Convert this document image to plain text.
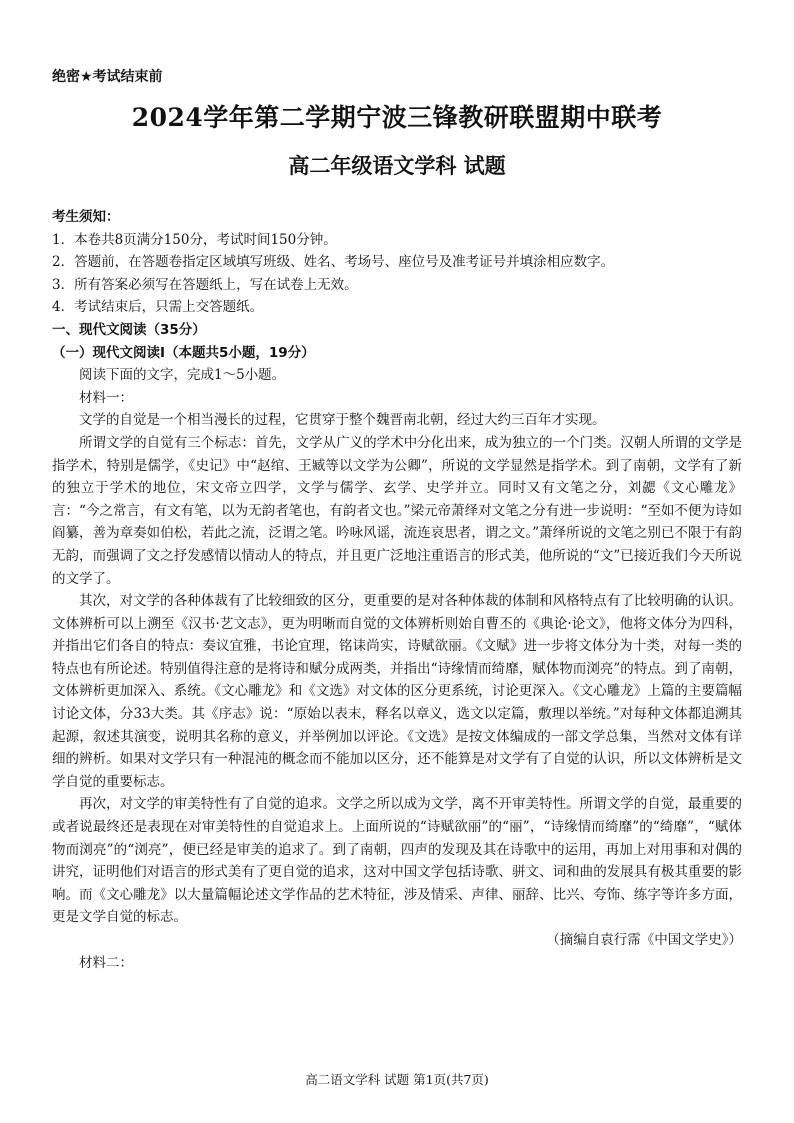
绝密★考试结束前
2024学年第二学期宁波三锋教研联盟期中联考
高二年级语文学科 试题

考生须知：

1．本卷共8页满分150分，考试时间150分钟。

2．答题前，在答题卷指定区域填写班级、姓名、考场号、座位号及准考证号并填涂相应数字。

3．所有答案必须写在答题纸上，写在试卷上无效。

4．考试结束后，只需上交答题纸。

一、现代文阅读（35分）

（一）现代文阅读Ⅰ（本题共5小题，19分）

阅读下面的文字，完成1～5小题。

材料一：

文学的自觉是一个相当漫长的过程，它贯穿于整个魏晋南北朝，经过大约三百年才实现。

所谓文学的自觉有三个标志：首先，文学从广义的学术中分化出来，成为独立的一个门类。汉朝人所谓的文学是指学术，特别是儒学，《史记》中“赵绾、王臧等以文学为公卿”，所说的文学显然是指学术。到了南朝，文学有了新的独立于学术的地位，宋文帝立四学，文学与儒学、玄学、史学并立。同时又有文笔之分，刘勰《文心雕龙》言：“今之常言，有文有笔，以为无韵者笔也，有韵者文也。”梁元帝萧绎对文笔之分有进一步说明：“至如不便为诗如阎纂，善为章奏如伯松，若此之流，泛谓之笔。吟咏风谣，流连哀思者，谓之文。”萧绎所说的文笔之别已不限于有韵无韵，而强调了文之抒发感情以情动人的特点，并且更广泛地注重语言的形式美，他所说的“文”已接近我们今天所说的文学了。

其次，对文学的各种体裁有了比较细致的区分，更重要的是对各种体裁的体制和风格特点有了比较明确的认识。文体辨析可以上溯至《汉书·艺文志》，更为明晰而自觉的文体辨析则始自曹丕的《典论·论文》，他将文体分为四科，并指出它们各自的特点：奏议宜雅，书论宜理，铭诔尚实，诗赋欲丽。《文赋》进一步将文体分为十类，对每一类的特点也有所论述。特别值得注意的是将诗和赋分成两类，并指出“诗缘情而绮靡，赋体物而浏亮”的特点。到了南朝，文体辨析更加深入、系统。《文心雕龙》和《文选》对文体的区分更系统，讨论更深入。《文心雕龙》上篇的主要篇幅讨论文体，分33大类。其《序志》说：“原始以表末，释名以章义，选文以定篇，敷理以举统。”对每种文体都追溯其起源，叙述其演变，说明其名称的意义，并举例加以评论。《文选》是按文体编成的一部文学总集，当然对文体有详细的辨析。如果对文学只有一种混沌的概念而不能加以区分，还不能算是对文学有了自觉的认识，所以文体辨析是文学自觉的重要标志。

再次，对文学的审美特性有了自觉的追求。文学之所以成为文学，离不开审美特性。所谓文学的自觉，最重要的或者说最终还是表现在对审美特性的自觉追求上。上面所说的“诗赋欲丽”的“丽”，“诗缘情而绮靡”的“绮靡”，“赋体物而浏亮”的“浏亮”，便已经是审美的追求了。到了南朝，四声的发现及其在诗歌中的运用，再加上对用事和对偶的讲究，证明他们对语言的形式美有了更自觉的追求，这对中国文学包括诗歌、骈文、词和曲的发展具有极其重要的影响。而《文心雕龙》以大量篇幅论述文学作品的艺术特征，涉及情采、声律、丽辞、比兴、夸饰、练字等许多方面，更是文学自觉的标志。

（摘编自袁行霈《中国文学史》）

材料二：

高二语文学科 试题 第1页(共7页)
